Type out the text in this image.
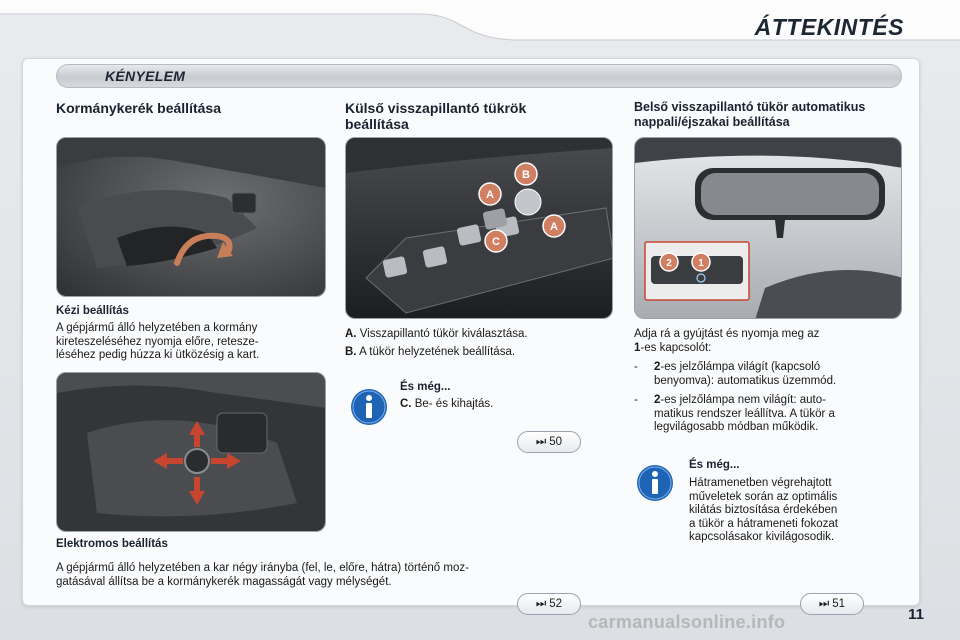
ÁTTEKINTÉS
KÉNYELEM
Kormánykerék beállítása
Kézi beállítás
A gépjármű álló helyzetében a kormány
kireteszeléséhez nyomja előre, retesze-
léséhez pedig húzza ki ütközésig a kart.
Elektromos beállítás
A gépjármű álló helyzetében a kar négy irányba (fel, le, előre, hátra) történő moz-
gatásával állítsa be a kormánykerék magasságát vagy mélységét.
⏭ 52
Külső visszapillantó tükrök
beállítása
A
B
C
A
A. Visszapillantó tükör kiválasztása.
B. A tükör helyzetének beállítása.
És még...
C. Be- és kihajtás.
⏭ 50
Belső visszapillantó tükör automatikus
nappali/éjszakai beállítása
2	1
Adja rá a gyújtást és nyomja meg az
1-es kapcsolót:
-	2-es jelzőlámpa világít (kapcsoló
benyomva): automatikus üzemmód.
-	2-es jelzőlámpa nem világít: auto-
matikus rendszer leállítva. A tükör a
legvilágosabb módban működik.
És még...
Hátramenetben végrehajtott
műveletek során az optimális
kilátás biztosítása érdekében
a tükör a hátrameneti fokozat
kapcsolásakor kivilágosodik.
⏭ 51
11
carmanualsonline.info
